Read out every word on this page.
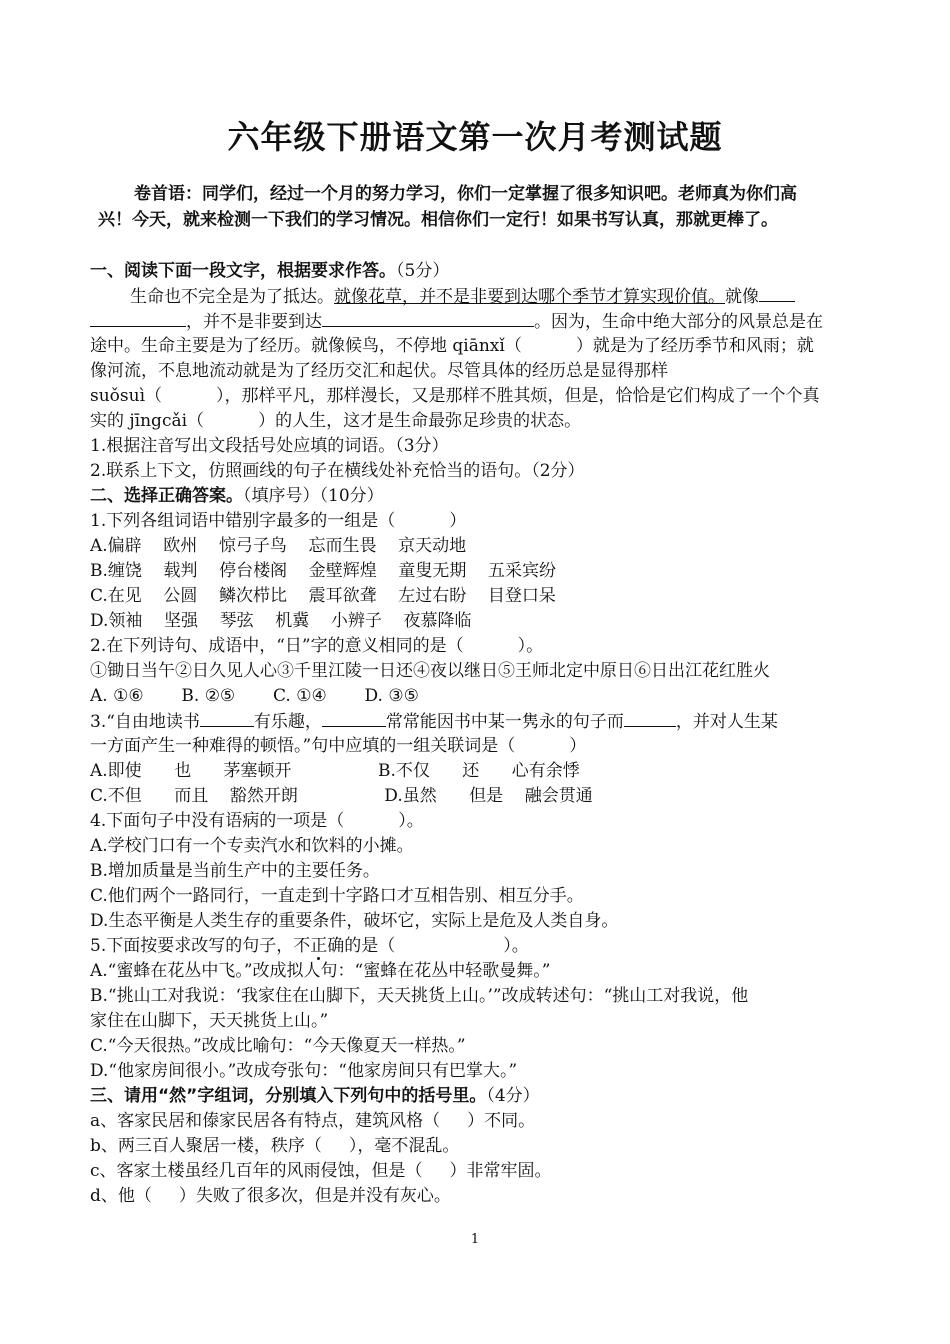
六年级下册语文第一次月考测试题
卷首语：同学们，经过一个月的努力学习，你们一定掌握了很多知识吧。老师真为你们高
兴！今天，就来检测一下我们的学习情况。相信你们一定行！如果书写认真，那就更棒了。
一、阅读下面一段文字，根据要求作答。（5分）
生命也不完全是为了抵达。就像花草，并不是非要到达哪个季节才算实现价值。就像
，并不是非要到达	。因为，生命中绝大部分的风景总是在
途中。生命主要是为了经历。就像候鸟，不停地 qiānxǐ（          ）就是为了经历季节和风雨；就
像河流，不息地流动就是为了经历交汇和起伏。尽管具体的经历总是显得那样
suǒsuì（          ），那样平凡，那样漫长，又是那样不胜其烦，但是，恰恰是它们构成了一个个真
实的 jīngcǎi（          ）的人生，这才是生命最弥足珍贵的状态。
1.根据注音写出文段括号处应填的词语。（3分）
2.联系上下文，仿照画线的句子在横线处补充恰当的语句。（2分）
二、选择正确答案。（填序号）（10分）
1.下列各组词语中错别字最多的一组是（          ）
A.偏辟    欧州    惊弓子鸟    忘而生畏    京天动地
B.缠饶    载判    停台楼阁    金壁辉煌    童叟无期    五采宾纷
C.在见    公圆    鳞次栉比    震耳欲聋    左过右盼    目登口呆
D.领袖    坚强    琴弦    机冀    小辨子    夜慕降临
2.在下列诗句、成语中，“日”字的意义相同的是（          ）。
①锄日当午②日久见人心③千里江陵一日还④夜以继日⑤王师北定中原日⑥日出江花红胜火
A. ①⑥       B. ②⑤       C. ①④       D. ③⑤
3.“自由地读书	有乐趣，	常常能因书中某一隽永的句子而	，并对人生某
一方面产生一种难得的顿悟。”句中应填的一组关联词是（          ）
A.即使      也      茅塞顿开                B.不仅      还      心有余悸
C.不但      而且    豁然开朗                D.虽然      但是    融会贯通
4.下面句子中没有语病的一项是（          ）。
A.学校门口有一个专卖汽水和饮料的小摊。
B.增加质量是当前生产中的主要任务。
C.他们两个一路同行，一直走到十字路口才互相告别、相互分手。
D.生态平衡是人类生存的重要条件，破坏它，实际上是危及人类自身。
5.下面按要求改写的句子，不正确的是（                    ）。
A.“蜜蜂在花丛中飞。”改成拟人句：“蜜蜂在花丛中轻歌曼舞。”
B.“挑山工对我说：‘我家住在山脚下，天天挑货上山。’”改成转述句：“挑山工对我说，他
家住在山脚下，天天挑货上山。”
C.“今天很热。”改成比喻句：“今天像夏天一样热。”
D.“他家房间很小。”改成夸张句：“他家房间只有巴掌大。”
三、请用“然”字组词，分别填入下列句中的括号里。（4分）
a、客家民居和傣家民居各有特点，建筑风格（     ）不同。
b、两三百人聚居一楼，秩序（     ），毫不混乱。
c、客家土楼虽经几百年的风雨侵蚀，但是（     ）非常牢固。
d、他（     ）失败了很多次，但是并没有灰心。
1
